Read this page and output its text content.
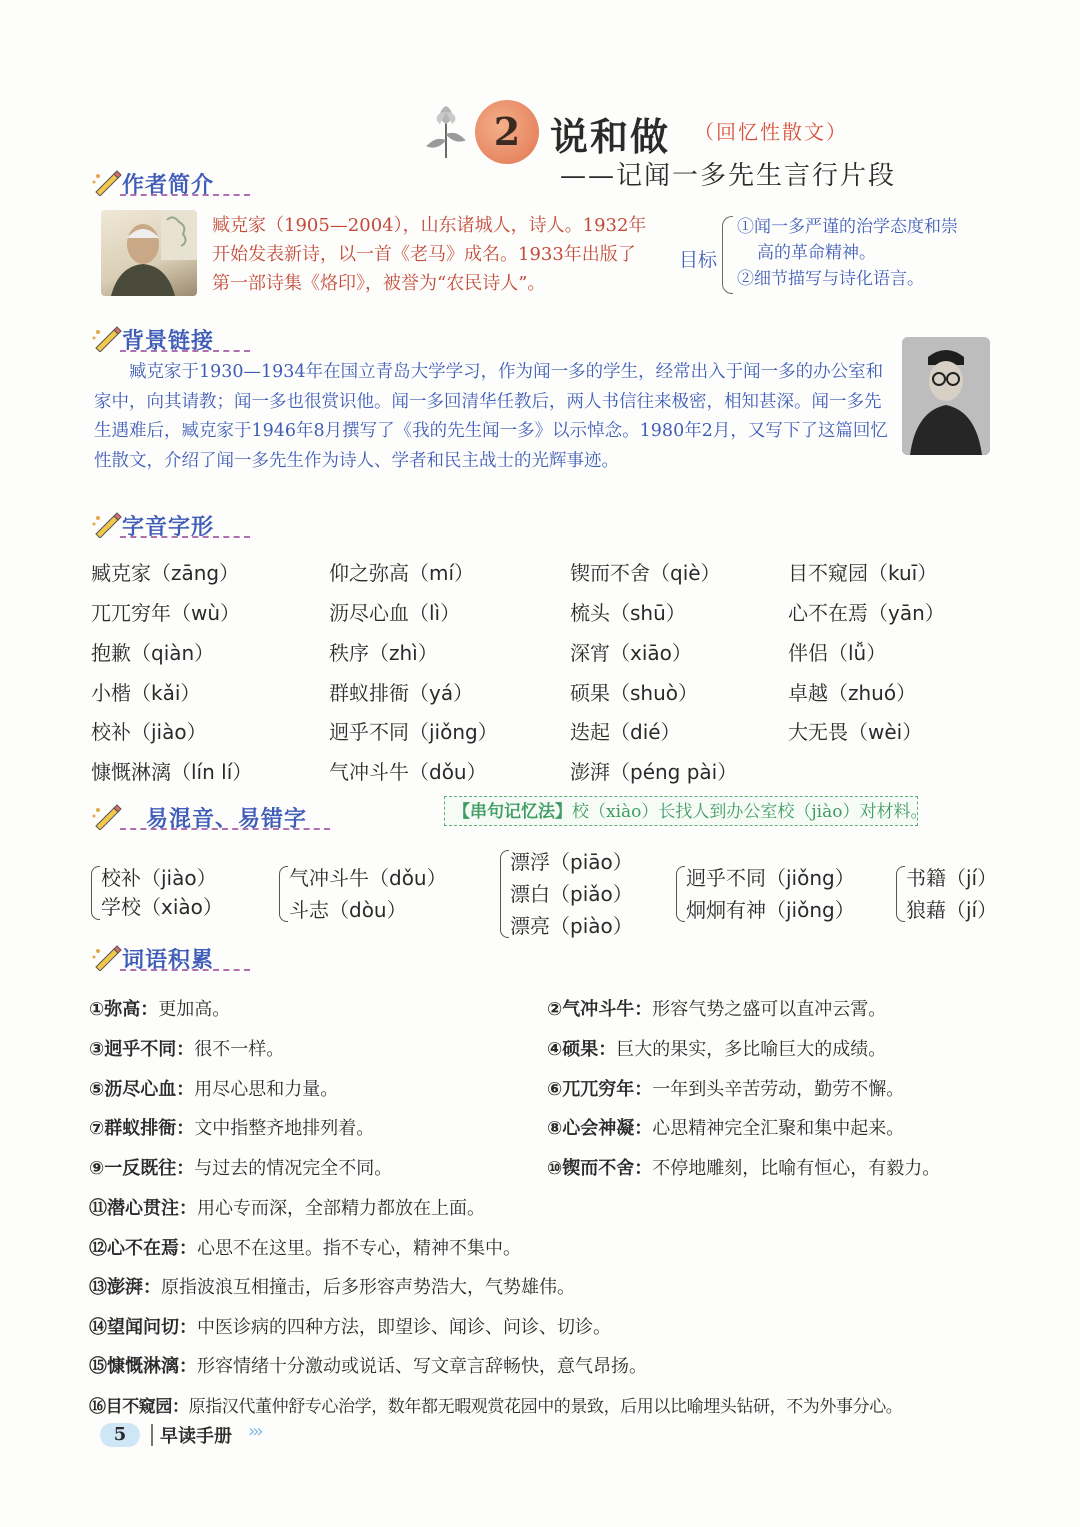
2 说和做 （回忆性散文）
——记闻一多先生言行片段
作者简介
臧克家（1905—2004），山东诸城人，诗人。1932年开始发表新诗，以一首《老马》成名。1933年出版了第一部诗集《烙印》，被誉为“农民诗人”。
目标
①闻一多严谨的治学态度和崇
高的革命精神。
②细节描写与诗化语言。
背景链接
臧克家于1930—1934年在国立青岛大学学习，作为闻一多的学生，经常出入于闻一多的办公室和家中，向其请教；闻一多也很赏识他。闻一多回清华任教后，两人书信往来极密，相知甚深。闻一多先生遇难后，臧克家于1946年8月撰写了《我的先生闻一多》以示悼念。1980年2月，又写下了这篇回忆性散文，介绍了闻一多先生作为诗人、学者和民主战士的光辉事迹。
字音字形
臧克家（zāng）	仰之弥高（mí）	锲而不舍（qiè）	目不窥园（kuī）
兀兀穷年（wù）	沥尽心血（lì）	梳头（shū）	心不在焉（yān）
抱歉（qiàn）	秩序（zhì）	深宵（xiāo）	伴侣（lǚ）
小楷（kǎi）	群蚁排衙（yá）	硕果（shuò）	卓越（zhuó）
校补（jiào）	迥乎不同（jiǒng）	迭起（dié）	大无畏（wèi）
慷慨淋漓（lín lí）	气冲斗牛（dǒu）	澎湃（péng pài）
易混音、易错字	【串句记忆法】校（xiào）长找人到办公室校（jiào）对材料。
校补（jiào）
学校（xiào）
气冲斗牛（dǒu）
斗志（dòu）
漂浮（piāo）
漂白（piǎo）
漂亮（piào）
迥乎不同（jiǒng）
炯炯有神（jiǒng）
书籍（jí）
狼藉（jí）
词语积累
①弥高：更加高。	②气冲斗牛：形容气势之盛可以直冲云霄。
③迥乎不同：很不一样。	④硕果：巨大的果实，多比喻巨大的成绩。
⑤沥尽心血：用尽心思和力量。	⑥兀兀穷年：一年到头辛苦劳动，勤劳不懈。
⑦群蚁排衙：文中指整齐地排列着。	⑧心会神凝：心思精神完全汇聚和集中起来。
⑨一反既往：与过去的情况完全不同。	⑩锲而不舍：不停地雕刻，比喻有恒心，有毅力。
⑪潜心贯注：用心专而深，全部精力都放在上面。
⑫心不在焉：心思不在这里。指不专心，精神不集中。
⑬澎湃：原指波浪互相撞击，后多形容声势浩大，气势雄伟。
⑭望闻问切：中医诊病的四种方法，即望诊、闻诊、问诊、切诊。
⑮慷慨淋漓：形容情绪十分激动或说话、写文章言辞畅快，意气昂扬。
⑯目不窥园：原指汉代董仲舒专心治学，数年都无暇观赏花园中的景致，后用以比喻埋头钻研，不为外事分心。
5	早读手册 ›››
